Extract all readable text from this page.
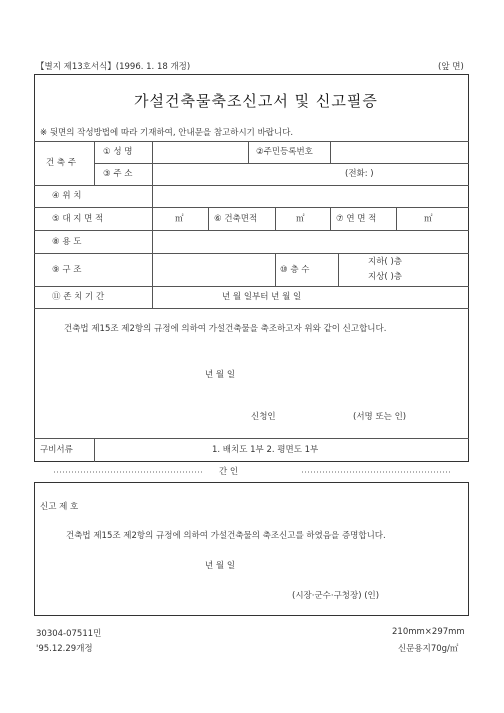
【별지 제13호서식】(1996. 1. 18 개정)	(앞 면)
가설건축물축조신고서 및 신고필증
※ 뒷면의 작성방법에 따라 기재하여, 안내문을 참고하시기 바랍니다.
건 축 주
① 성 명	②주민등록번호
③ 주 소	(전화: )
④ 위 치
⑤ 대 지 면 적	㎡	⑥ 건축면적	㎡	⑦ 연 면 적	㎡
⑧ 용 도
⑨ 구 조	⑩ 층 수
지하( )층
지상( )층
⑪ 존 치 기 간	년 월 일부터 년 월 일
건축법 제15조 제2항의 규정에 의하여 가설건축물을 축조하고자 위와 같이 신고합니다.
년 월 일
신청인	(서명 또는 인)
구비서류	1. 배치도 1부 2. 평면도 1부
간 인
신고 제 호
건축법 제15조 제2항의 규정에 의하여 가설건축물의 축조신고를 하였음을 증명합니다.
년 월 일
(시장·군수·구청장) (인)
30304-07511민
'95.12.29개정
210mm×297mm
신문용지70g/㎡
